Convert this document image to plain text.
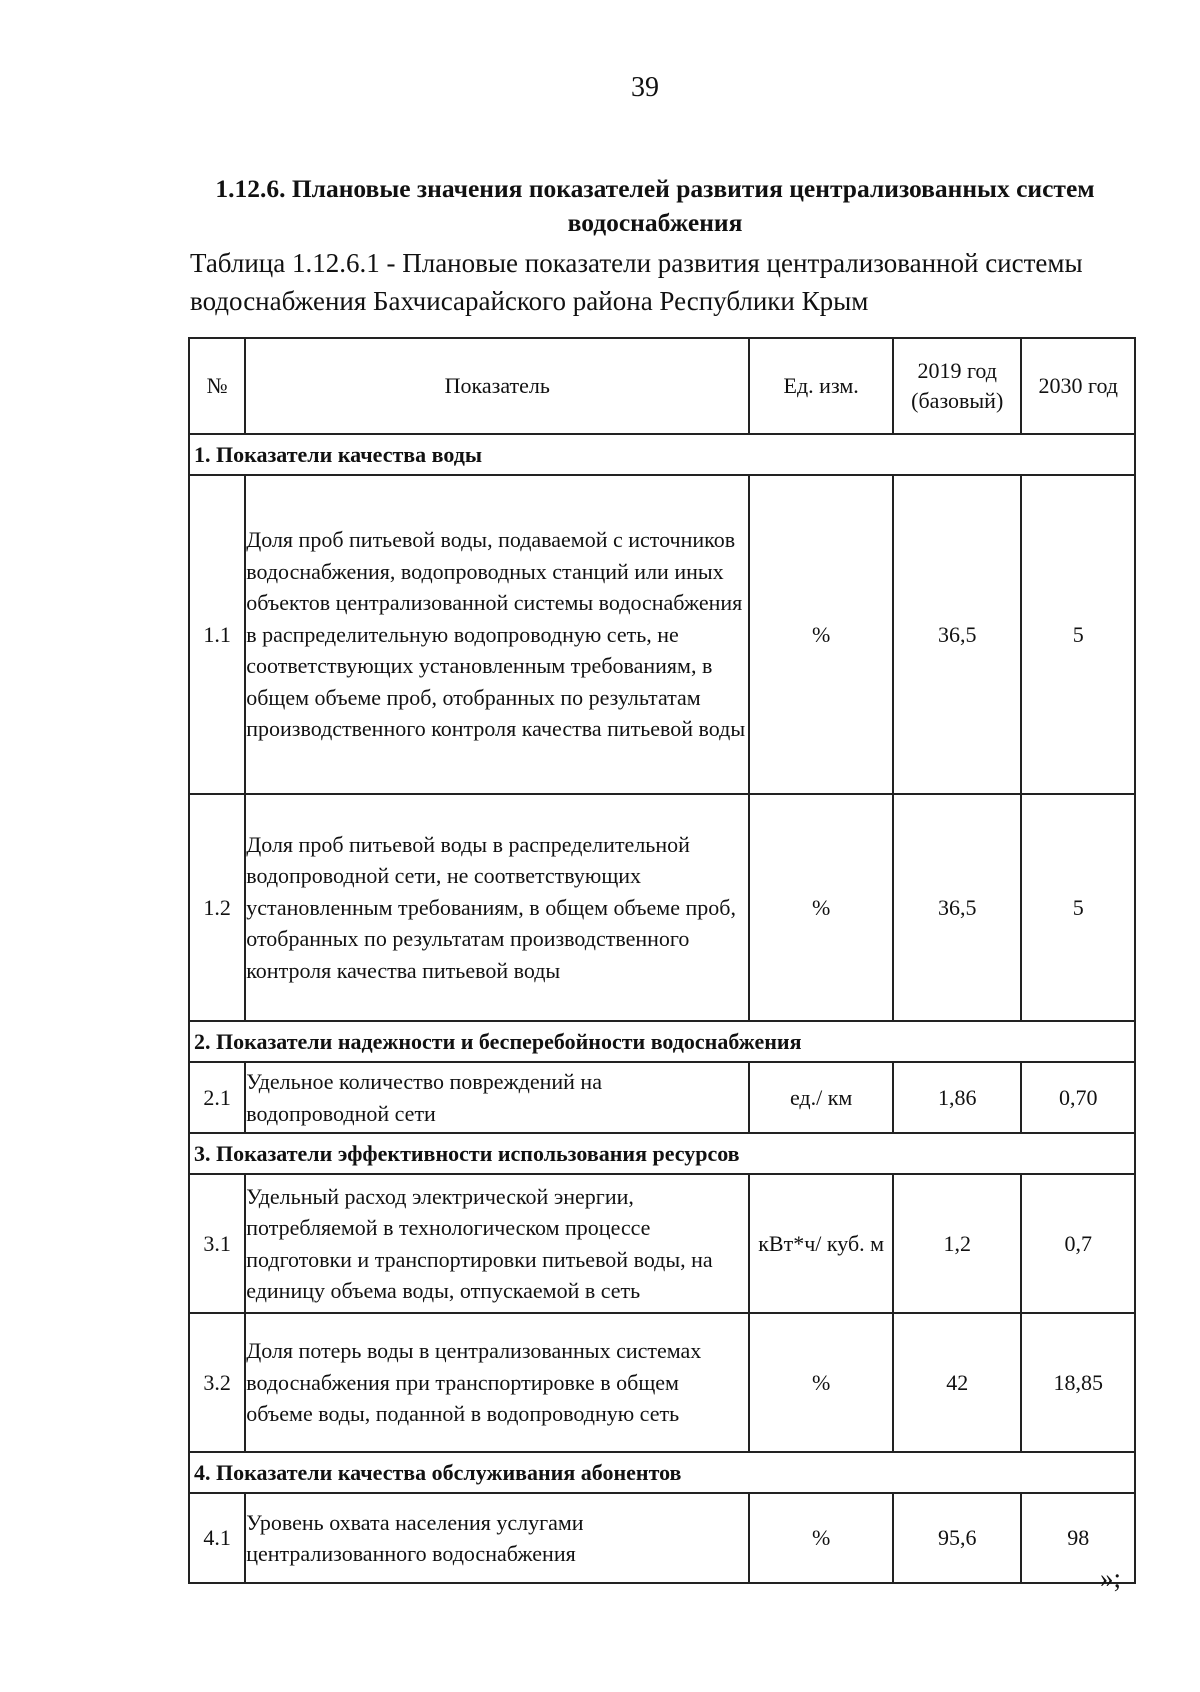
39
1.12.6. Плановые значения показателей развития централизованных систем водоснабжения
Таблица 1.12.6.1 - Плановые показатели развития централизованной системы водоснабжения Бахчисарайского района Республики Крым
№	Показатель	Ед. изм.	2019 год (базовый)	2030 год
1. Показатели качества воды				
1.1	Доля проб питьевой воды, подаваемой с источников водоснабжения, водопроводных станций или иных объектов централизованной системы водоснабжения в распределительную водопроводную сеть, не соответствующих установленным требованиям, в общем объеме проб, отобранных по результатам производственного контроля качества питьевой воды	%	36,5	5
1.2	Доля проб питьевой воды в распределительной водопроводной сети, не соответствующих установленным требованиям, в общем объеме проб, отобранных по результатам производственного контроля качества питьевой воды	%	36,5	5
2. Показатели надежности и бесперебойности водоснабжения				
2.1	Удельное количество повреждений на водопроводной сети	ед./ км	1,86	0,70
3. Показатели эффективности использования ресурсов				
3.1	Удельный расход электрической энергии, потребляемой в технологическом процессе подготовки и транспортировки питьевой воды, на единицу объема воды, отпускаемой в сеть	кВт*ч/ куб. м	1,2	0,7
3.2	Доля потерь воды в централизованных системах водоснабжения при транспортировке в общем объеме воды, поданной в водопроводную сеть	%	42	18,85
4. Показатели качества обслуживания абонентов				
4.1	Уровень охвата населения услугами централизованного водоснабжения	%	95,6	98
»;
